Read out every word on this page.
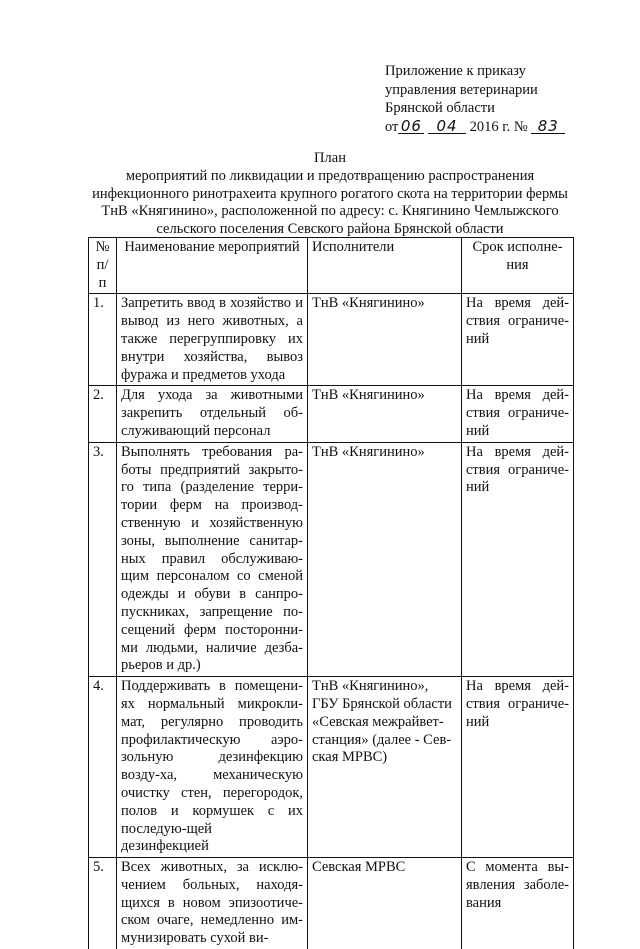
Приложение к приказу
управления ветеринарии
Брянской области
от 06 04 2016 г. № 83
План
мероприятий по ликвидации и предотвращению распространения
инфекционного ринотрахеита крупного рогатого скота на территории фермы
ТнВ «Княгинино», расположенной по адресу: с. Княгинино Чемлыжского
сельского поселения Севского района Брянской области
№ п/п	Наименование мероприятий	Исполнители	Срок исполне-ния
1.	Запретить ввод в хозяйство и вывод из него животных, а также перегруппировку их внутри хозяйства, вывоз фуража и предметов ухода	ТнВ «Княгинино»	На время дей-ствия ограниче-ний
2.	Для ухода за животными закрепить отдельный об-служивающий персонал	ТнВ «Княгинино»	На время дей-ствия ограниче-ний
3.	Выполнять требования ра-боты предприятий закрыто-го типа (разделение терри-тории ферм на производ-ственную и хозяйственную зоны, выполнение санитар-ных правил обслуживаю-щим персоналом со сменой одежды и обуви в санпро-пускниках, запрещение по-сещений ферм посторонни-ми людьми, наличие дезба-рьеров и др.)	ТнВ «Княгинино»	На время дей-ствия ограниче-ний
4.	Поддерживать в помещени-ях нормальный микрокли-мат, регулярно проводить профилактическую аэро-зольную дезинфекцию возду-ха, механическую очистку стен, перегородок, полов и кормушек с их последую-щей дезинфекцией	ТнВ «Княгинино», ГБУ Брянской области «Севская межрайвет-станция» (далее - Сев-ская МРВС)	На время дей-ствия ограниче-ний
5.	Всех животных, за исклю-чением больных, находя-щихся в новом эпизоотиче-ском очаге, немедленно им-мунизировать сухой ви-	Севская МРВС	С момента вы-явления заболе-вания
